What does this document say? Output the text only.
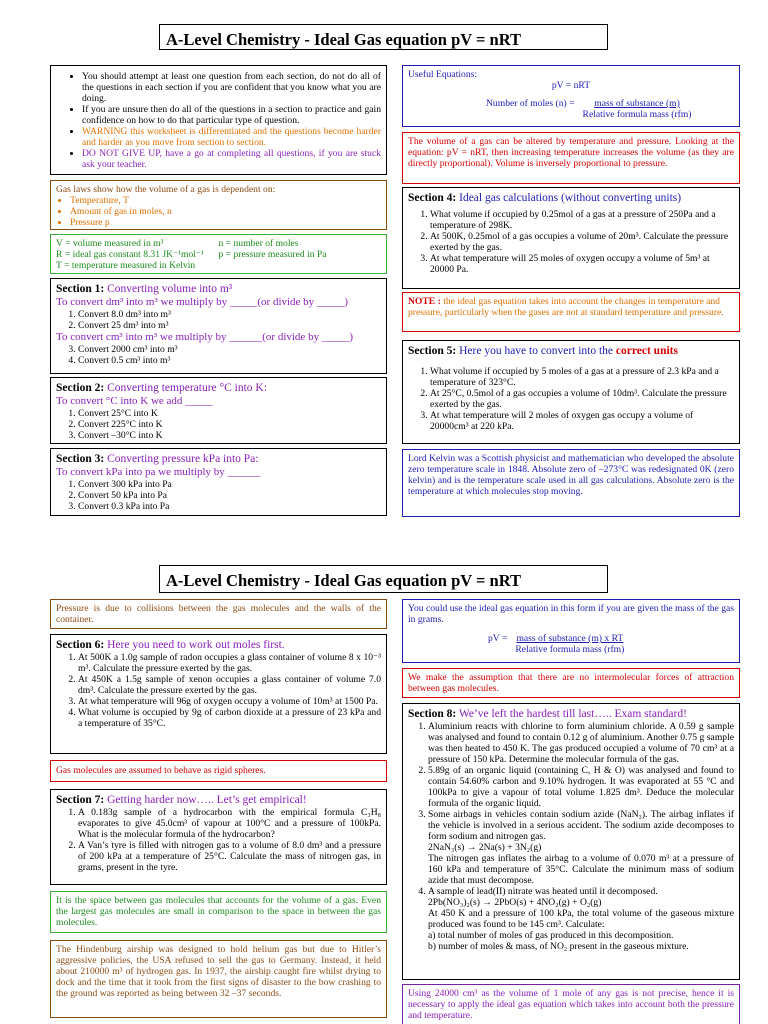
A-Level Chemistry - Ideal Gas equation pV = nRT
• You should attempt at least one question from each section, do not do all of the questions in each section if you are confident that you know what you are doing.
• If you are unsure then do all of the questions in a section to practice and gain confidence on how to do that particular type of question.
• WARNING this worksheet is differentiated and the questions become harder and harder as you move from section to section.
• DO NOT GIVE UP, have a go at completing all questions, if you are stuck ask your teacher.
Gas laws show how the volume of a gas is dependent on:
• Temperature, T
• Amount of gas in moles, n
• Pressure p
V = volume measured in m³	n = number of moles
R = ideal gas constant 8.31 JK⁻¹mol⁻¹	p = pressure measured in Pa
T = temperature measured in Kelvin
Section 1: Converting volume into m³
To convert dm³ into m³ we multiply by _____(or divide by _____)
1. Convert 8.0 dm³ into m³
2. Convert 25 dm³ into m³
To convert cm³ into m³ we multiply by ______(or divide by _____)
3. Convert 2000 cm³ into m³
4. Convert 0.5 cm³ into m³
Section 2: Converting temperature °C into K:
To convert °C into K we add _____
1. Convert 25°C into K
2. Convert 225°C into K
3. Convert –30°C into K
Section 3: Converting pressure kPa into Pa:
To convert kPa into pa we multiply by ______
1. Convert 300 kPa into Pa
2. Convert 50 kPa into Pa
3. Convert 0.3 kPa into Pa
Useful Equations:
pV = nRT
Number of moles (n) =	mass of substance (m)
Relative formula mass (rfm)
The volume of a gas can be altered by temperature and pressure. Looking at the equation: pV = nRT, then increasing temperature increases the volume (as they are directly proportional). Volume is inversely proportional to pressure.
Section 4: Ideal gas calculations (without converting units)
1. What volume if occupied by 0.25mol of a gas at a pressure of 250Pa and a temperature of 298K.
2. At 500K, 0.25mol of a gas occupies a volume of 20m³. Calculate the pressure exerted by the gas.
3. At what temperature will 25 moles of oxygen occupy a volume of 5m³ at 20000 Pa.
NOTE : the ideal gas equation takes into account the changes in temperature and pressure, particularly when the gases are not at standard temperature and pressure.
Section 5: Here you have to convert into the correct units
1. What volume if occupied by 5 moles of a gas at a pressure of 2.3 kPa and a temperature of 323°C.
2. At 25°C, 0.5mol of a gas occupies a volume of 10dm³. Calculate the pressure exerted by the gas.
3. At what temperature will 2 moles of oxygen gas occupy a volume of 20000cm³ at 220 kPa.
Lord Kelvin was a Scottish physicist and mathematician who developed the absolute zero temperature scale in 1848. Absolute zero of –273°C was redesignated 0K (zero kelvin) and is the temperature scale used in all gas calculations. Absolute zero is the temperature at which molecules stop moving.
A-Level Chemistry - Ideal Gas equation pV = nRT
Pressure is due to collisions between the gas molecules and the walls of the container.
Section 6: Here you need to work out moles first.
1. At 500K a 1.0g sample of radon occupies a glass container of volume 8 x 10⁻³ m³. Calculate the pressure exerted by the gas.
2. At 450K a 1.5g sample of xenon occupies a glass container of volume 7.0 dm³. Calculate the pressure exerted by the gas.
3. At what temperature will 96g of oxygen occupy a volume of 10m³ at 1500 Pa.
4. What volume is occupied by 9g of carbon dioxide at a pressure of 23 kPa and a temperature of 35°C.
Gas molecules are assumed to behave as rigid spheres.
Section 7: Getting harder now….. Let’s get empirical!
1. A 0.183g sample of a hydrocarbon with the empirical formula C₃H₈ evaporates to give 45.0cm³ of vapour at 100°C and a pressure of 100kPa. What is the molecular formula of the hydrocarbon?
2. A Van’s tyre is filled with nitrogen gas to a volume of 8.0 dm³ and a pressure of 200 kPa at a temperature of 25°C. Calculate the mass of nitrogen gas, in grams, present in the tyre.
It is the space between gas molecules that accounts for the volume of a gas. Even the largest gas molecules are small in comparison to the space in between the gas molecules.
The Hindenburg airship was designed to hold helium gas but due to Hitler’s aggressive policies, the USA refused to sell the gas to Germany. Instead, it held about 210000 m³ of hydrogen gas. In 1937, the airship caught fire whilst drying to dock and the time that it took from the first signs of disaster to the bow crashing to the ground was reported as being between 32 –37 seconds.
You could use the ideal gas equation in this form if you are given the mass of the gas in grams.
pV = mass of substance (m) x RT
Relative formula mass (rfm)
We make the assumption that there are no intermolecular forces of attraction between gas molecules.
Section 8: We’ve left the hardest till last….. Exam standard!
1. Aluminium reacts with chlorine to form aluminium chloride. A 0.59 g sample was analysed and found to contain 0.12 g of aluminium. Another 0.75 g sample was then heated to 450 K. The gas produced occupied a volume of 70 cm³ at a pressure of 150 kPa. Determine the molecular formula of the gas.
2. 5.89g of an organic liquid (containing C, H & O) was analysed and found to contain 54.60% carbon and 9.10% hydrogen. It was evaporated at 55 °C and 100kPa to give a vapour of total volume 1.825 dm³. Deduce the molecular formula of the organic liquid.
3. Some airbags in vehicles contain sodium azide (NaN₃). The airbag inflates if the vehicle is involved in a serious accident. The sodium azide decomposes to form sodium and nitrogen gas.
2NaN₃(s) → 2Na(s) + 3N₂(g)
The nitrogen gas inflates the airbag to a volume of 0.070 m³ at a pressure of 160 kPa and temperature of 35°C. Calculate the minimum mass of sodium azide that must decompose.
4. A sample of lead(II) nitrate was heated until it decomposed.
2Pb(NO₃)₂(s) → 2PbO(s) + 4NO₂(g) + O₂(g)
At 450 K and a pressure of 100 kPa, the total volume of the gaseous mixture produced was found to be 145 cm³. Calculate:
a) total number of moles of gas produced in this decomposition.
b) number of moles & mass, of NO₂ present in the gaseous mixture.
Using 24000 cm³ as the volume of 1 mole of any gas is not precise, hence it is necessary to apply the ideal gas equation which takes into account both the pressure and temperature.
